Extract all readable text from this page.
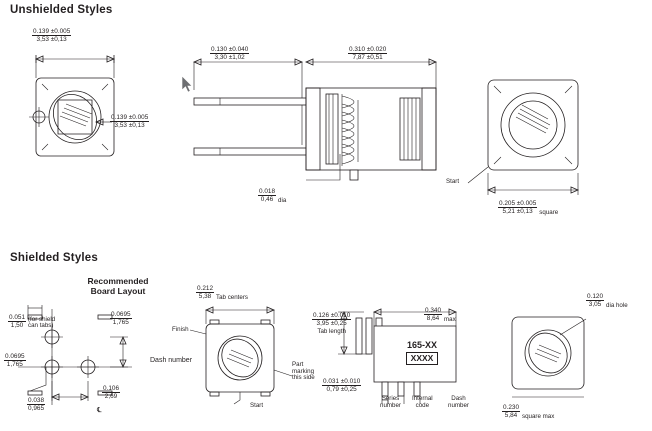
Unshielded Styles
0.139 ±0.005
3,53 ±0,13
0.139 ±0.005
3,53 ±0,13
0.130 ±0.040
3,30 ±1,02
0.310 ±0.020
7,87 ±0,51
0.018
0,46 dia
Start
0.205 ±0.005
5,21 ±0,13	square
Shielded Styles
Recommended
Board Layout
0.051
1,50
(for shield
can tabs)
0.0695
1,765
0.0695
1,765
0.106
2,69
0.038
0,965
Dash number
℄
0.212
5,38 Tab centers
Finish
Part
marking
this side
Start
0.126 ±0.010
3,95 ±0,25
Tab length
0.340
8,64 max
165-XX
XXXX
0.031 ±0.010
0,79 ±0,25
Series
number
Internal
code
Dash
number
0.120
3,05 dia hole
0.230
5,84 square max
